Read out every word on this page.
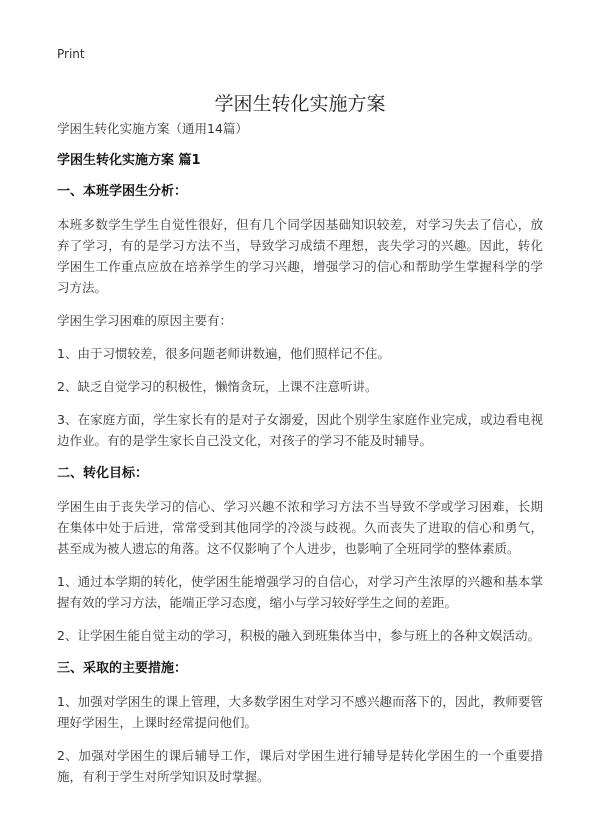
Print
学困生转化实施方案

学困生转化实施方案（通用14篇）

学困生转化实施方案 篇1
一、本班学困生分析：

本班多数学生学生自觉性很好，但有几个同学因基础知识较差，对学习失去了信心，放弃了学习，有的是学习方法不当，导致学习成绩不理想，丧失学习的兴趣。因此，转化学困生工作重点应放在培养学生的学习兴趣，增强学习的信心和帮助学生掌握科学的学习方法。

学困生学习困难的原因主要有：

1、由于习惯较差，很多问题老师讲数遍，他们照样记不住。

2、缺乏自觉学习的积极性，懒惰贪玩，上课不注意听讲。

3、在家庭方面，学生家长有的是对子女溺爱，因此个别学生家庭作业完成，或边看电视边作业。有的是学生家长自己没文化，对孩子的学习不能及时辅导。

二、转化目标：

学困生由于丧失学习的信心、学习兴趣不浓和学习方法不当导致不学或学习困难，长期在集体中处于后进，常常受到其他同学的冷淡与歧视。久而丧失了进取的信心和勇气，甚至成为被人遗忘的角落。这不仅影响了个人进步，也影响了全班同学的整体素质。

1、通过本学期的转化，使学困生能增强学习的自信心，对学习产生浓厚的兴趣和基本掌握有效的学习方法，能端正学习态度，缩小与学习较好学生之间的差距。

2、让学困生能自觉主动的学习，积极的融入到班集体当中，参与班上的各种文娱活动。

三、采取的主要措施：

1、加强对学困生的课上管理，大多数学困生对学习不感兴趣而落下的，因此，教师要管理好学困生，上课时经常提问他们。

2、加强对学困生的课后辅导工作，课后对学困生进行辅导是转化学困生的一个重要措施，有利于学生对所学知识及时掌握。
